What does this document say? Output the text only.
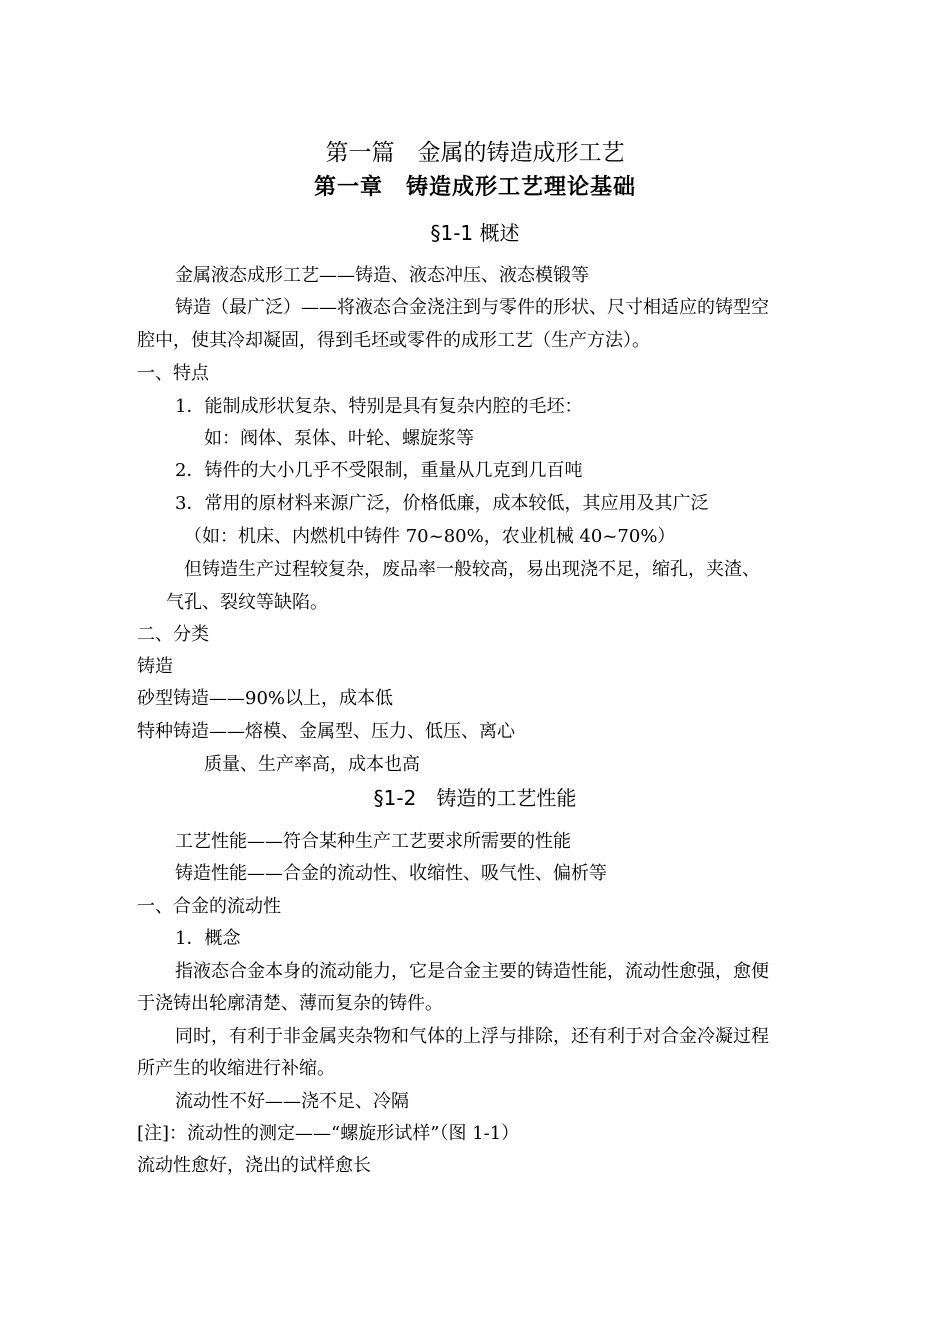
第一篇　金属的铸造成形工艺
第一章　铸造成形工艺理论基础
§1-1 概述
金属液态成形工艺——铸造、液态冲压、液态模锻等
铸造（最广泛）——将液态合金浇注到与零件的形状、尺寸相适应的铸型空
腔中，使其冷却凝固，得到毛坯或零件的成形工艺（生产方法）。
一、特点
1．能制成形状复杂、特别是具有复杂内腔的毛坯：
如：阀体、泵体、叶轮、螺旋浆等
2．铸件的大小几乎不受限制，重量从几克到几百吨
3．常用的原材料来源广泛，价格低廉，成本较低，其应用及其广泛
（如：机床、内燃机中铸件 70~80%，农业机械 40~70%）
但铸造生产过程较复杂，废品率一般较高，易出现浇不足，缩孔，夹渣、
气孔、裂纹等缺陷。
二、分类
铸造
砂型铸造——90%以上，成本低
特种铸造——熔模、金属型、压力、低压、离心
质量、生产率高，成本也高
§1-2　铸造的工艺性能
工艺性能——符合某种生产工艺要求所需要的性能
铸造性能——合金的流动性、收缩性、吸气性、偏析等
一、合金的流动性
1．概念
指液态合金本身的流动能力，它是合金主要的铸造性能，流动性愈强，愈便
于浇铸出轮廓清楚、薄而复杂的铸件。
同时，有利于非金属夹杂物和气体的上浮与排除，还有利于对合金冷凝过程
所产生的收缩进行补缩。
流动性不好——浇不足、冷隔
[注]：流动性的测定——“螺旋形试样”（图 1-1）
流动性愈好，浇出的试样愈长
